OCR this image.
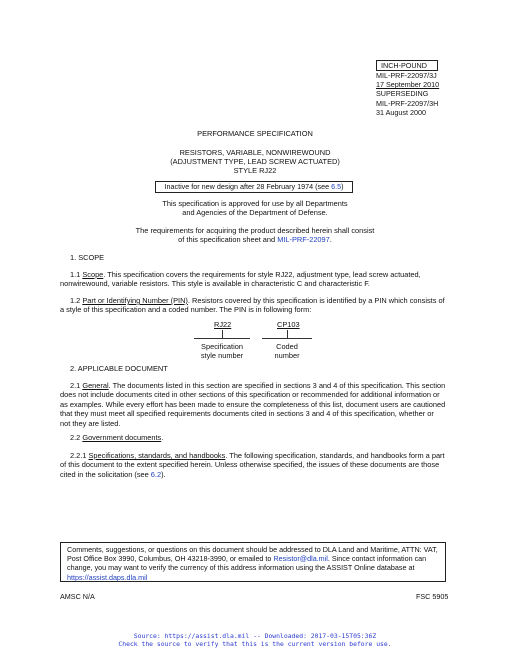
INCH-POUND
MIL-PRF-22097/3J
17 September 2010
SUPERSEDING
MIL-PRF-22097/3H
31 August 2000
PERFORMANCE SPECIFICATION
RESISTORS, VARIABLE, NONWIREWOUND
(ADJUSTMENT TYPE, LEAD SCREW ACTUATED)
STYLE RJ22
Inactive for new design after 28 February 1974 (see 6.5)
This specification is approved for use by all Departments
and Agencies of the Department of Defense.
The requirements for acquiring the product described herein shall consist
of this specification sheet and MIL-PRF-22097.
1. SCOPE
1.1 Scope. This specification covers the requirements for style RJ22, adjustment type, lead screw actuated, nonwirewound, variable resistors. This style is available in characteristic C and characteristic F.
1.2 Part or Identifying Number (PIN). Resistors covered by this specification is identified by a PIN which consists of a style of this specification and a coded number. The PIN is in following form:
RJ22	CP103
Specification
style number
Coded
number
2. APPLICABLE DOCUMENT
2.1 General. The documents listed in this section are specified in sections 3 and 4 of this specification. This section does not include documents cited in other sections of this specification or recommended for additional information or as examples. While every effort has been made to ensure the completeness of this list, document users are cautioned that they must meet all specified requirements documents cited in sections 3 and 4 of this specification, whether or not they are listed.
2.2 Government documents.
2.2.1 Specifications, standards, and handbooks. The following specification, standards, and handbooks form a part of this document to the extent specified herein. Unless otherwise specified, the issues of these documents are those cited in the solicitation (see 6.2).
Comments, suggestions, or questions on this document should be addressed to DLA Land and Maritime, ATTN: VAT, Post Office Box 3990, Columbus, OH 43218-3990, or emailed to Resistor@dla.mil. Since contact information can change, you may want to verify the currency of this address information using the ASSIST Online database at https://assist.daps.dla.mil
AMSC N/A	FSC 5905
Source: https://assist.dla.mil -- Downloaded: 2017-03-15T05:36Z
Check the source to verify that this is the current version before use.
